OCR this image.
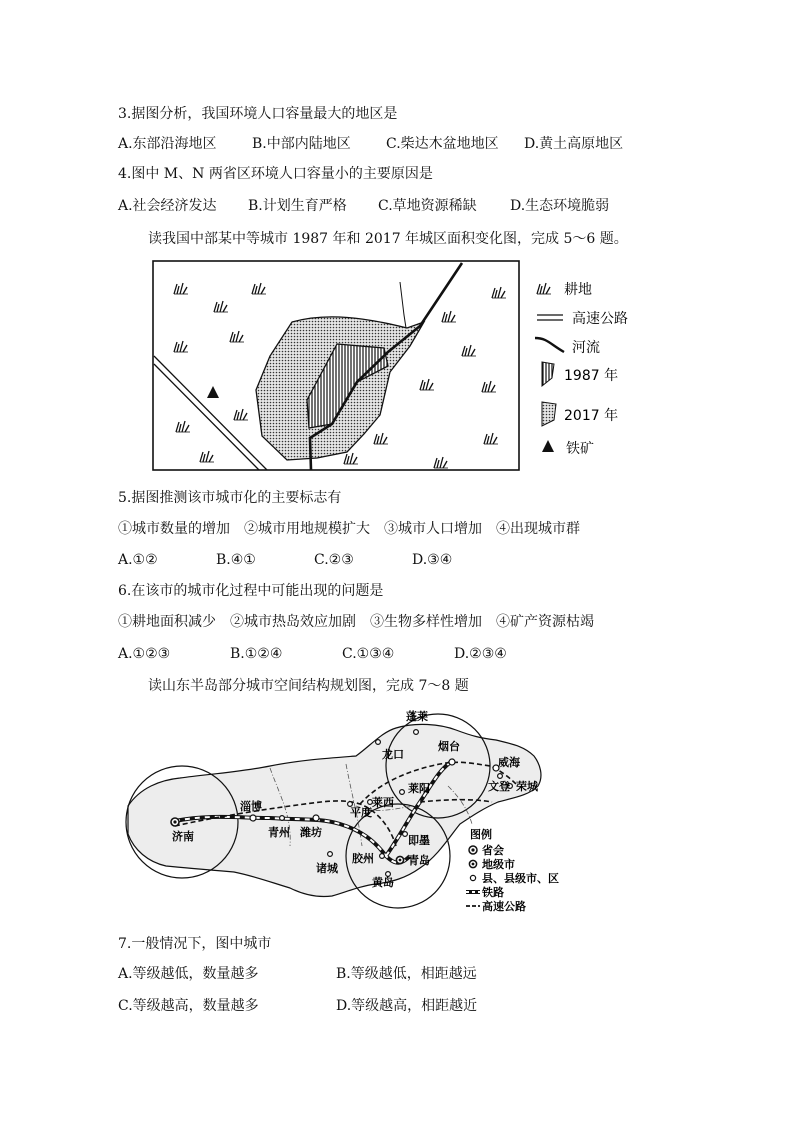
3.据图分析，我国环境人口容量最大的地区是
A.东部沿海地区	B.中部内陆地区	C.柴达木盆地地区 D.黄土高原地区
4.图中 M、N 两省区环境人口容量小的主要原因是
A.社会经济发达 B.计划生育严格 C.草地资源稀缺 D.生态环境脆弱
读我国中部某中等城市 1987 年和 2017 年城区面积变化图，完成 5～6 题。
耕地
高速公路
河流
1987 年
2017 年
铁矿
5.据图推测该市城市化的主要标志有
①城市数量的增加　②城市用地规模扩大　③城市人口增加　④出现城市群
A.①②	B.④①	C.②③	D.③④
6.在该市的城市化过程中可能出现的问题是
①耕地面积减少　②城市热岛效应加剧　③生物多样性增加　④矿产资源枯竭
A.①②③	B.①②④	C.①③④	D.②③④
读山东半岛部分城市空间结构规划图，完成 7～8 题
蓬莱
烟台
龙口
威海
荣城
文登
莱阳
莱西
平度
济南
淄博
青州 潍坊
即墨
青岛
胶州
诸城
黄岛
图例
省会
地级市
县、县级市、区
铁路
高速公路
7.一般情况下，图中城市
A.等级越低，数量越多	B.等级越低，相距越远
C.等级越高，数量越多	D.等级越高，相距越近
